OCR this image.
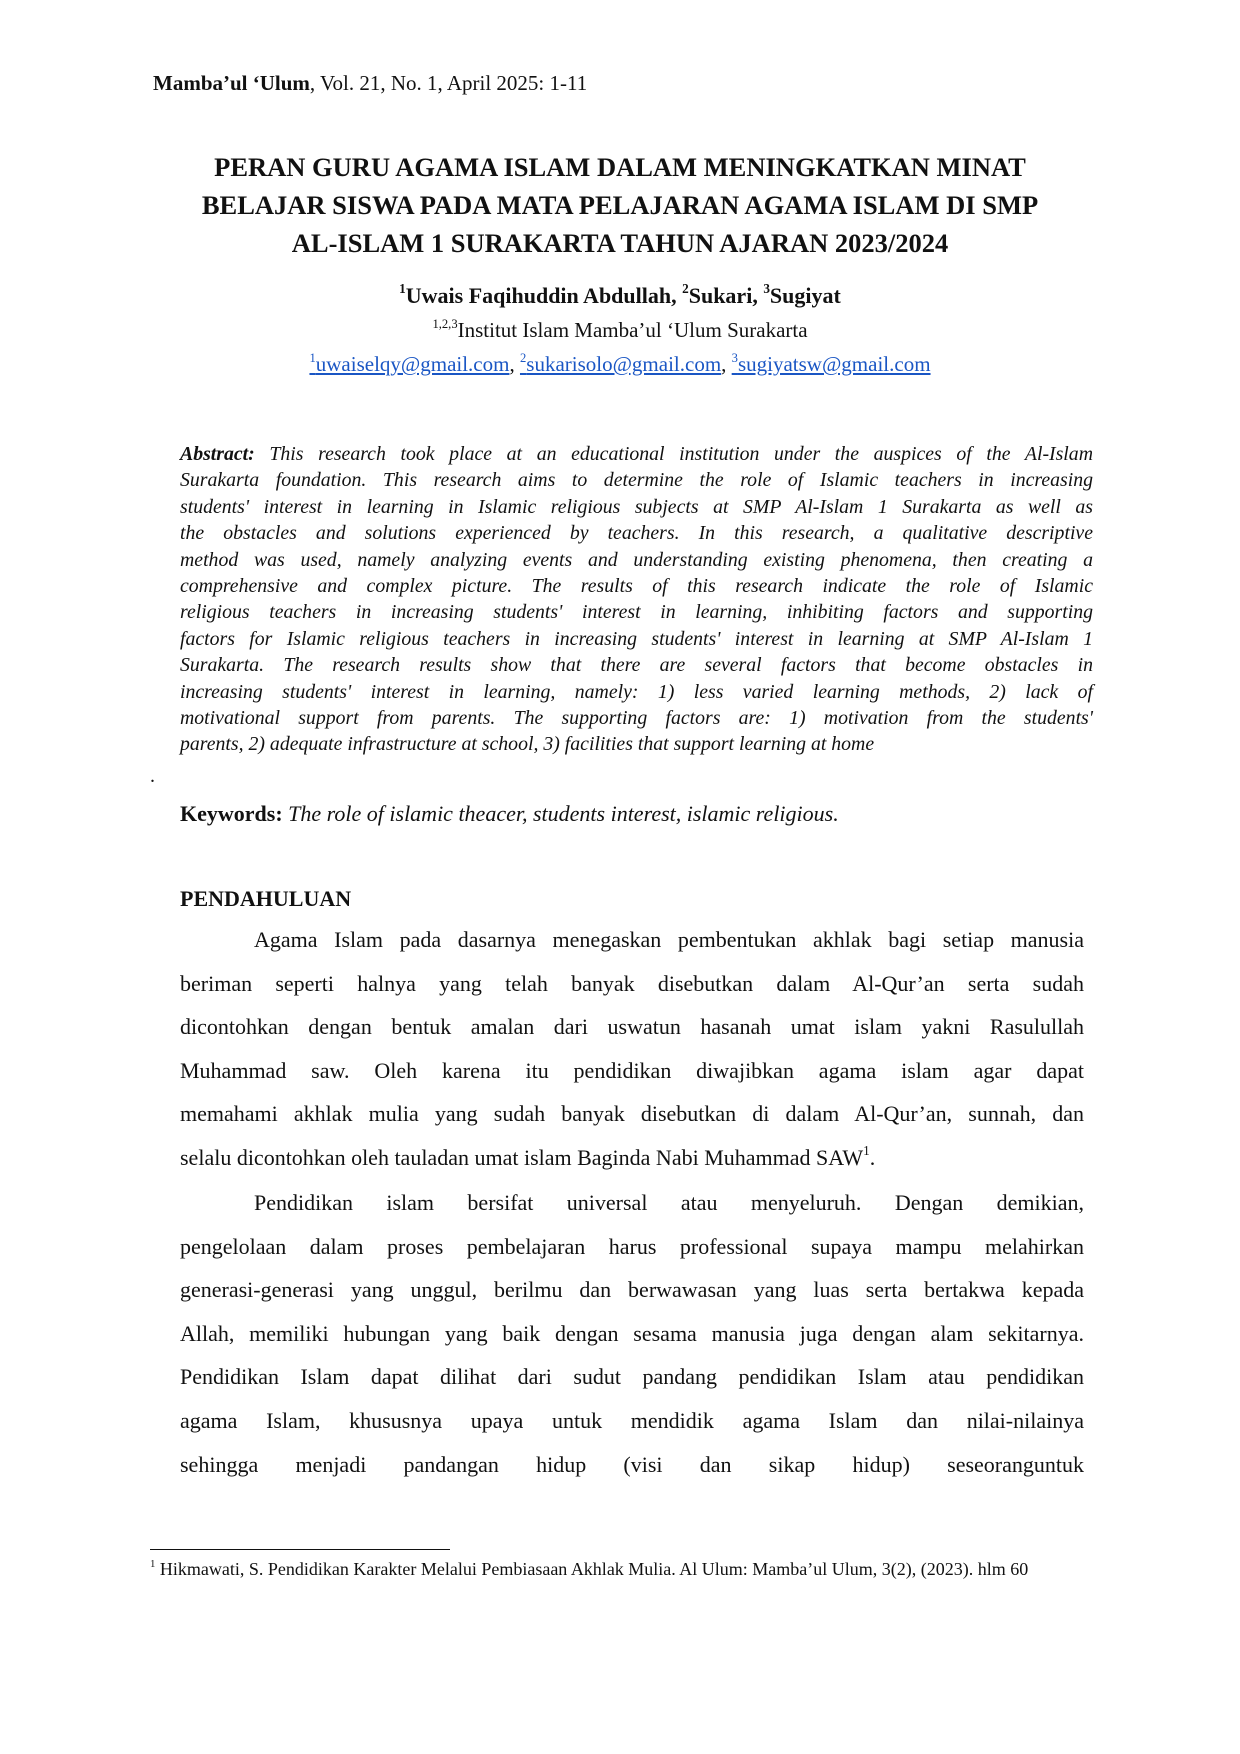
Mamba’ul ‘Ulum, Vol. 21, No. 1, April 2025: 1-11
PERAN GURU AGAMA ISLAM DALAM MENINGKATKAN MINAT
BELAJAR SISWA PADA MATA PELAJARAN AGAMA ISLAM DI SMP
AL-ISLAM 1 SURAKARTA TAHUN AJARAN 2023/2024
$^1$Uwais Faqihuddin Abdullah, $^2$Sukari, $^3$Sugiyat
$^{1,2,3}$Institut Islam Mamba’ul ‘Ulum Surakarta
$^1$uwaiselqy@gmail.com, $^2$sukarisolo@gmail.com, $^3$sugiyatsw@gmail.com
Abstract: This research took place at an educational institution under the auspices of the Al-Islam
Surakarta foundation. This research aims to determine the role of Islamic teachers in increasing
students' interest in learning in Islamic religious subjects at SMP Al-Islam 1 Surakarta as well as
the obstacles and solutions experienced by teachers. In this research, a qualitative descriptive
method was used, namely analyzing events and understanding existing phenomena, then creating a
comprehensive and complex picture. The results of this research indicate the role of Islamic
religious teachers in increasing students' interest in learning, inhibiting factors and supporting
factors for Islamic religious teachers in increasing students' interest in learning at SMP Al-Islam 1
Surakarta. The research results show that there are several factors that become obstacles in
increasing students' interest in learning, namely: 1) less varied learning methods, 2) lack of
motivational support from parents. The supporting factors are: 1) motivation from the students'
parents, 2) adequate infrastructure at school, 3) facilities that support learning at home
.
Keywords: The role of islamic theacer, students interest, islamic religious.
PENDAHULUAN
Agama Islam pada dasarnya menegaskan pembentukan akhlak bagi setiap manusia
beriman seperti halnya yang telah banyak disebutkan dalam Al-Qur’an serta sudah
dicontohkan dengan bentuk amalan dari uswatun hasanah umat islam yakni Rasulullah
Muhammad saw. Oleh karena itu pendidikan diwajibkan agama islam agar dapat
memahami akhlak mulia yang sudah banyak disebutkan di dalam Al-Qur’an, sunnah, dan
selalu dicontohkan oleh tauladan umat islam Baginda Nabi Muhammad SAW$^1$.
Pendidikan islam bersifat universal atau menyeluruh. Dengan demikian,
pengelolaan dalam proses pembelajaran harus professional supaya mampu melahirkan
generasi-generasi yang unggul, berilmu dan berwawasan yang luas serta bertakwa kepada
Allah, memiliki hubungan yang baik dengan sesama manusia juga dengan alam sekitarnya.
Pendidikan Islam dapat dilihat dari sudut pandang pendidikan Islam atau pendidikan
agama Islam, khususnya upaya untuk mendidik agama Islam dan nilai-nilainya
sehingga menjadi pandangan hidup (visi dan sikap hidup) seseoranguntuk
$^1$ Hikmawati, S. Pendidikan Karakter Melalui Pembiasaan Akhlak Mulia. Al Ulum: Mamba’ul Ulum, 3(2), (2023). hlm 60
